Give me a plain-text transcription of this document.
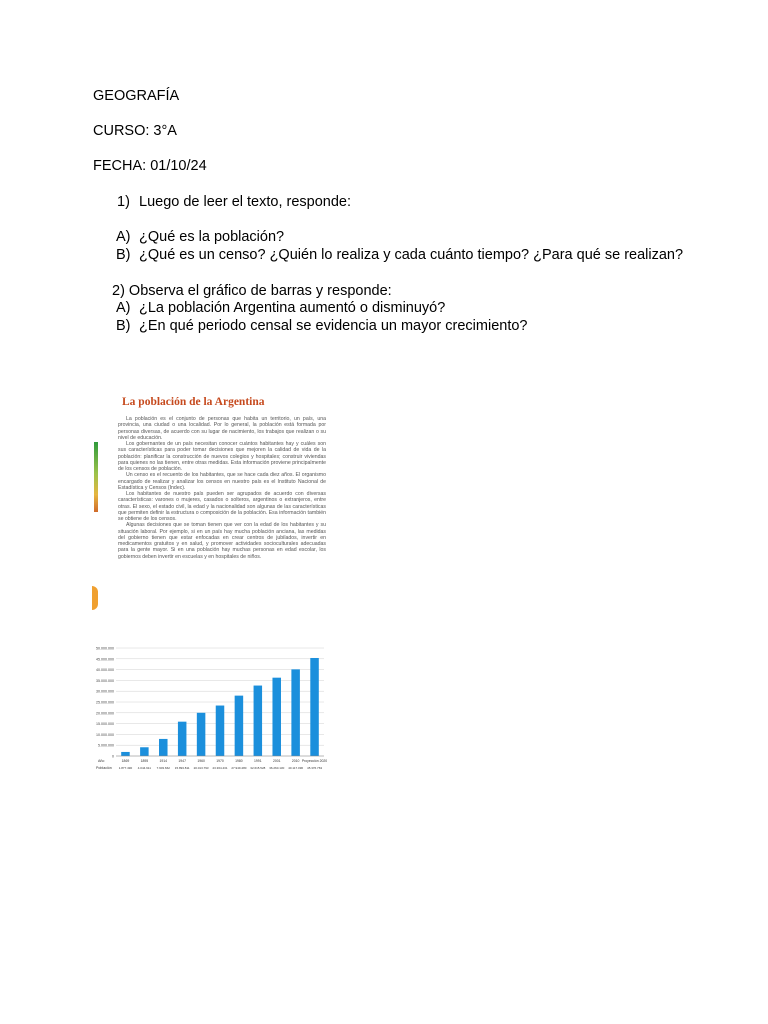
GEOGRAFÍA
CURSO: 3°A
FECHA: 01/10/24
1) Luego de leer el texto, responde:
A) ¿Qué es la población?
B) ¿Qué es un censo? ¿Quién lo realiza y cada cuánto tiempo? ¿Para qué se realizan?
2) Observa el gráfico de barras y responde:
A) ¿La población Argentina aumentó o disminuyó?
B) ¿En qué periodo censal se evidencia un mayor crecimiento?
La población de la Argentina

La población es el conjunto de personas que habita un territorio, un país, una provincia, una ciudad o una localidad. Por lo general, la población está formada por personas diversas, de acuerdo con su lugar de nacimiento, los trabajos que realizan o su nivel de educación.

Los gobernantes de un país necesitan conocer cuántos habitantes hay y cuáles son sus características para poder tomar decisiones que mejoren la calidad de vida de la población: planificar la construcción de nuevos colegios y hospitales; construir viviendas para quienes no las tienen, entre otras medidas. Esta información proviene principalmente de los censos de población.

Un censo es el recuento de los habitantes, que se hace cada diez años. El organismo encargado de realizar y analizar los censos en nuestro país es el Instituto Nacional de Estadística y Censos (Indec).

Los habitantes de nuestro país pueden ser agrupados de acuerdo con diversas características: varones o mujeres, casados o solteros, argentinos o extranjeros, entre otras. El sexo, el estado civil, la edad y la nacionalidad son algunas de las características que permiten definir la estructura o composición de la población. Esa información también se obtiene de los censos.

Algunas decisiones que se toman tienen que ver con la edad de los habitantes y su situación laboral. Por ejemplo, si en un país hay mucha población anciana, las medidas del gobierno tienen que estar enfocadas en crear centros de jubilados, invertir en medicamentos gratuitos y en salud, y promover actividades socioculturales adecuadas para la gente mayor. Si en una población hay muchas personas en edad escolar, los gobiernos deben invertir en escuelas y en hospitales de niños.

0
5.000.000
10.000.000
15.000.000
20.000.000
25.000.000
30.000.000
35.000.000
40.000.000
45.000.000
50.000.000
1869
1.877.490
1895
4.044.911
1914
7.903.662
1947
15.893.811
1960
20.013.793
1970
23.364.431
1980
27.949.480
1991
32.615.528
2001
36.260.130
2010
40.117.096
Proyección 2020
45.376.763
Año
Población
